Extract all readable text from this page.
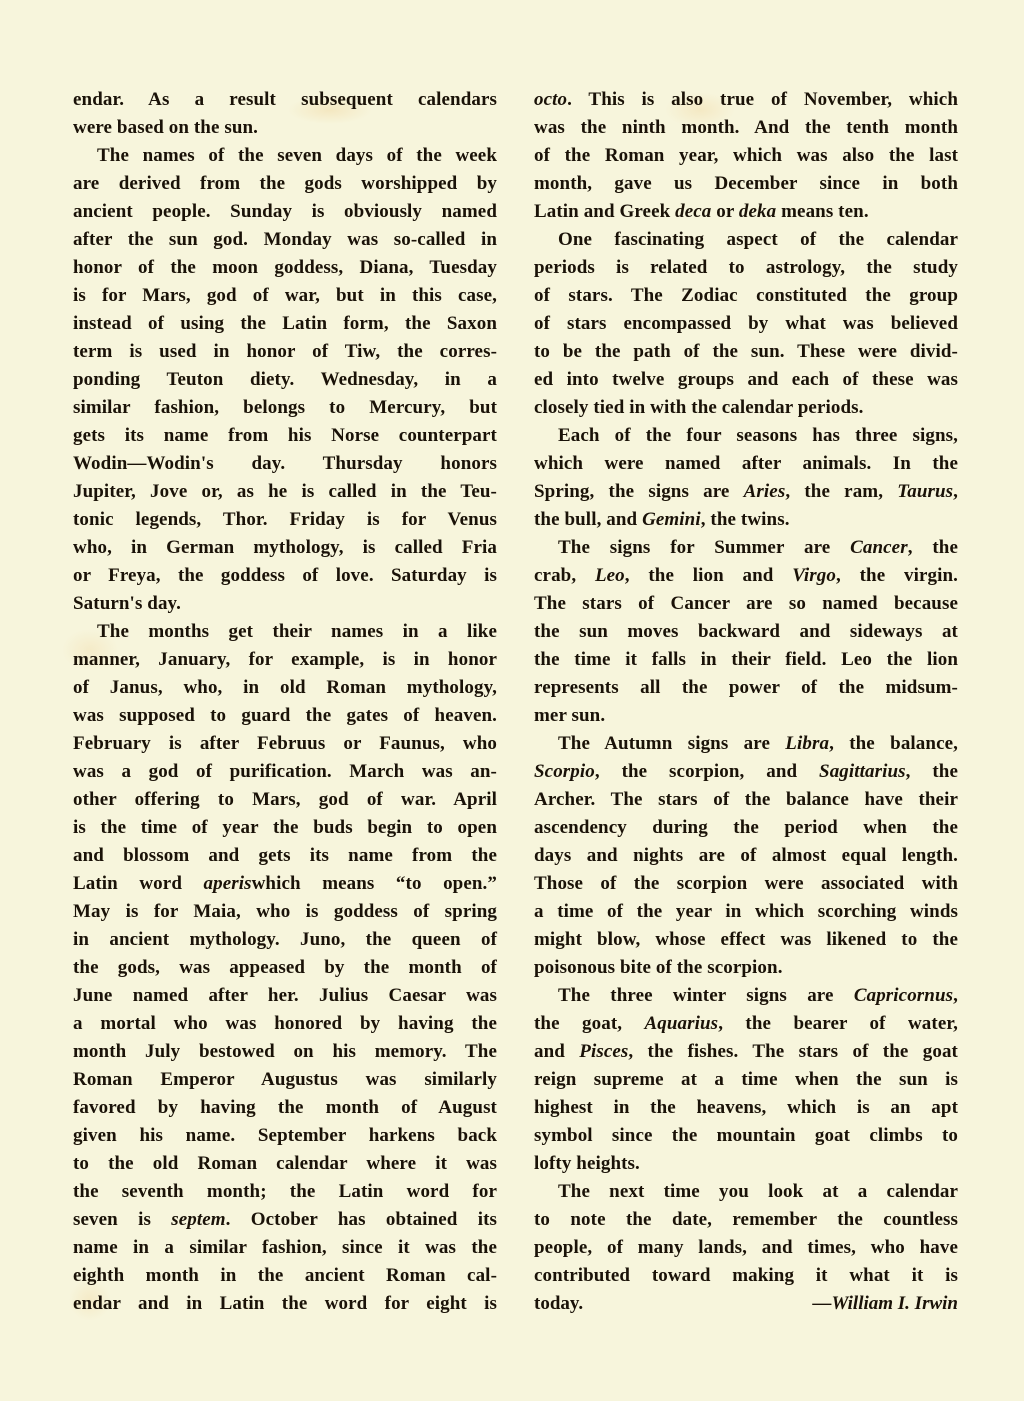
endar. As a result subsequent calendars
were based on the sun.
The names of the seven days of the week
are derived from the gods worshipped by
ancient people. Sunday is obviously named
after the sun god. Monday was so-called in
honor of the moon goddess, Diana, Tuesday
is for Mars, god of war, but in this case,
instead of using the Latin form, the Saxon
term is used in honor of Tiw, the corres-
ponding Teuton diety. Wednesday, in a
similar fashion, belongs to Mercury, but
gets its name from his Norse counterpart
Wodin—Wodin's day. Thursday honors
Jupiter, Jove or, as he is called in the Teu-
tonic legends, Thor. Friday is for Venus
who, in German mythology, is called Fria
or Freya, the goddess of love. Saturday is
Saturn's day.
The months get their names in a like
manner, January, for example, is in honor
of Janus, who, in old Roman mythology,
was supposed to guard the gates of heaven.
February is after Februus or Faunus, who
was a god of purification. March was an-
other offering to Mars, god of war. April
is the time of year the buds begin to open
and blossom and gets its name from the
Latin word aperiswhich means “to open.”
May is for Maia, who is goddess of spring
in ancient mythology. Juno, the queen of
the gods, was appeased by the month of
June named after her. Julius Caesar was
a mortal who was honored by having the
month July bestowed on his memory. The
Roman Emperor Augustus was similarly
favored by having the month of August
given his name. September harkens back
to the old Roman calendar where it was
the seventh month; the Latin word for
seven is septem. October has obtained its
name in a similar fashion, since it was the
eighth month in the ancient Roman cal-
endar and in Latin the word for eight is
octo. This is also true of November, which
was the ninth month. And the tenth month
of the Roman year, which was also the last
month, gave us December since in both
Latin and Greek deca or deka means ten.
One fascinating aspect of the calendar
periods is related to astrology, the study
of stars. The Zodiac constituted the group
of stars encompassed by what was believed
to be the path of the sun. These were divid-
ed into twelve groups and each of these was
closely tied in with the calendar periods.
Each of the four seasons has three signs,
which were named after animals. In the
Spring, the signs are Aries, the ram, Taurus,
the bull, and Gemini, the twins.
The signs for Summer are Cancer, the
crab, Leo, the lion and Virgo, the virgin.
The stars of Cancer are so named because
the sun moves backward and sideways at
the time it falls in their field. Leo the lion
represents all the power of the midsum-
mer sun.
The Autumn signs are Libra, the balance,
Scorpio, the scorpion, and Sagittarius, the
Archer. The stars of the balance have their
ascendency during the period when the
days and nights are of almost equal length.
Those of the scorpion were associated with
a time of the year in which scorching winds
might blow, whose effect was likened to the
poisonous bite of the scorpion.
The three winter signs are Capricornus,
the goat, Aquarius, the bearer of water,
and Pisces, the fishes. The stars of the goat
reign supreme at a time when the sun is
highest in the heavens, which is an apt
symbol since the mountain goat climbs to
lofty heights.
The next time you look at a calendar
to note the date, remember the countless
people, of many lands, and times, who have
contributed toward making it what it is
today.	—William I. Irwin
